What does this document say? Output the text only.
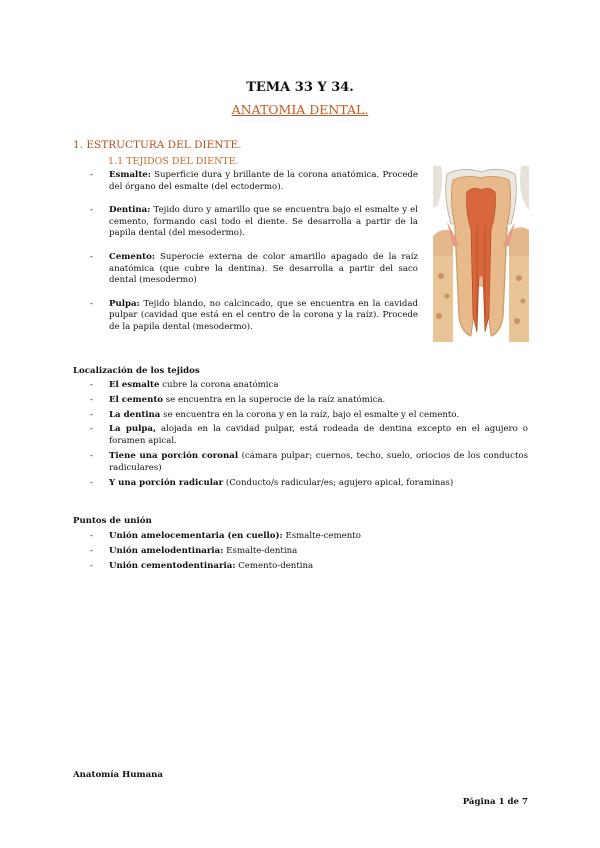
TEMA 33 Y 34.
ANATOMIA DENTAL.
1. ESTRUCTURA DEL DIENTE.
1.1 TEJIDOS DEL DIENTE.
-	Esmalte: Superficie dura y brillante de la corona anatómica. Procede del órgano del esmalte (del ectodermo).
-	Dentina: Tejido duro y amarillo que se encuentra bajo el esmalte y el cemento, formando casi todo el diente. Se desarrolla a partir de la papila dental (del mesodermo).
-	Cemento: Superocie externa de color amarillo apagado de la raíz anatómica (que cubre la dentina). Se desarrolla a partir del saco dental (mesodermo)
-	Pulpa: Tejido blando, no calcincado, que se encuentra en la cavidad pulpar (cavidad que está en el centro de la corona y la raíz). Procede de la papila dental (mesodermo).
Localización de los tejidos
-	El esmalte cubre la corona anatómica
-	El cemento se encuentra en la superocie de la raíz anatómica.
-	La dentina se encuentra en la corona y en la raíz, bajo el esmalte y el cemento.
-	La pulpa, alojada en la cavidad pulpar, está rodeada de dentina excepto en el agujero o foramen apical.
-	Tiene una porción coronal (cámara pulpar; cuernos, techo, suelo, oriocios de los conductos radiculares)
-	Y una porción radicular (Conducto/s radicular/es; agujero apical, foraminas)
Puntos de unión
-	Unión amelocementaria (en cuello): Esmalte-cemento
-	Unión amelodentinaria: Esmalte-dentina
-	Unión cementodentinaria: Cemento-dentina
Anatomía Humana
Página 1 de 7
